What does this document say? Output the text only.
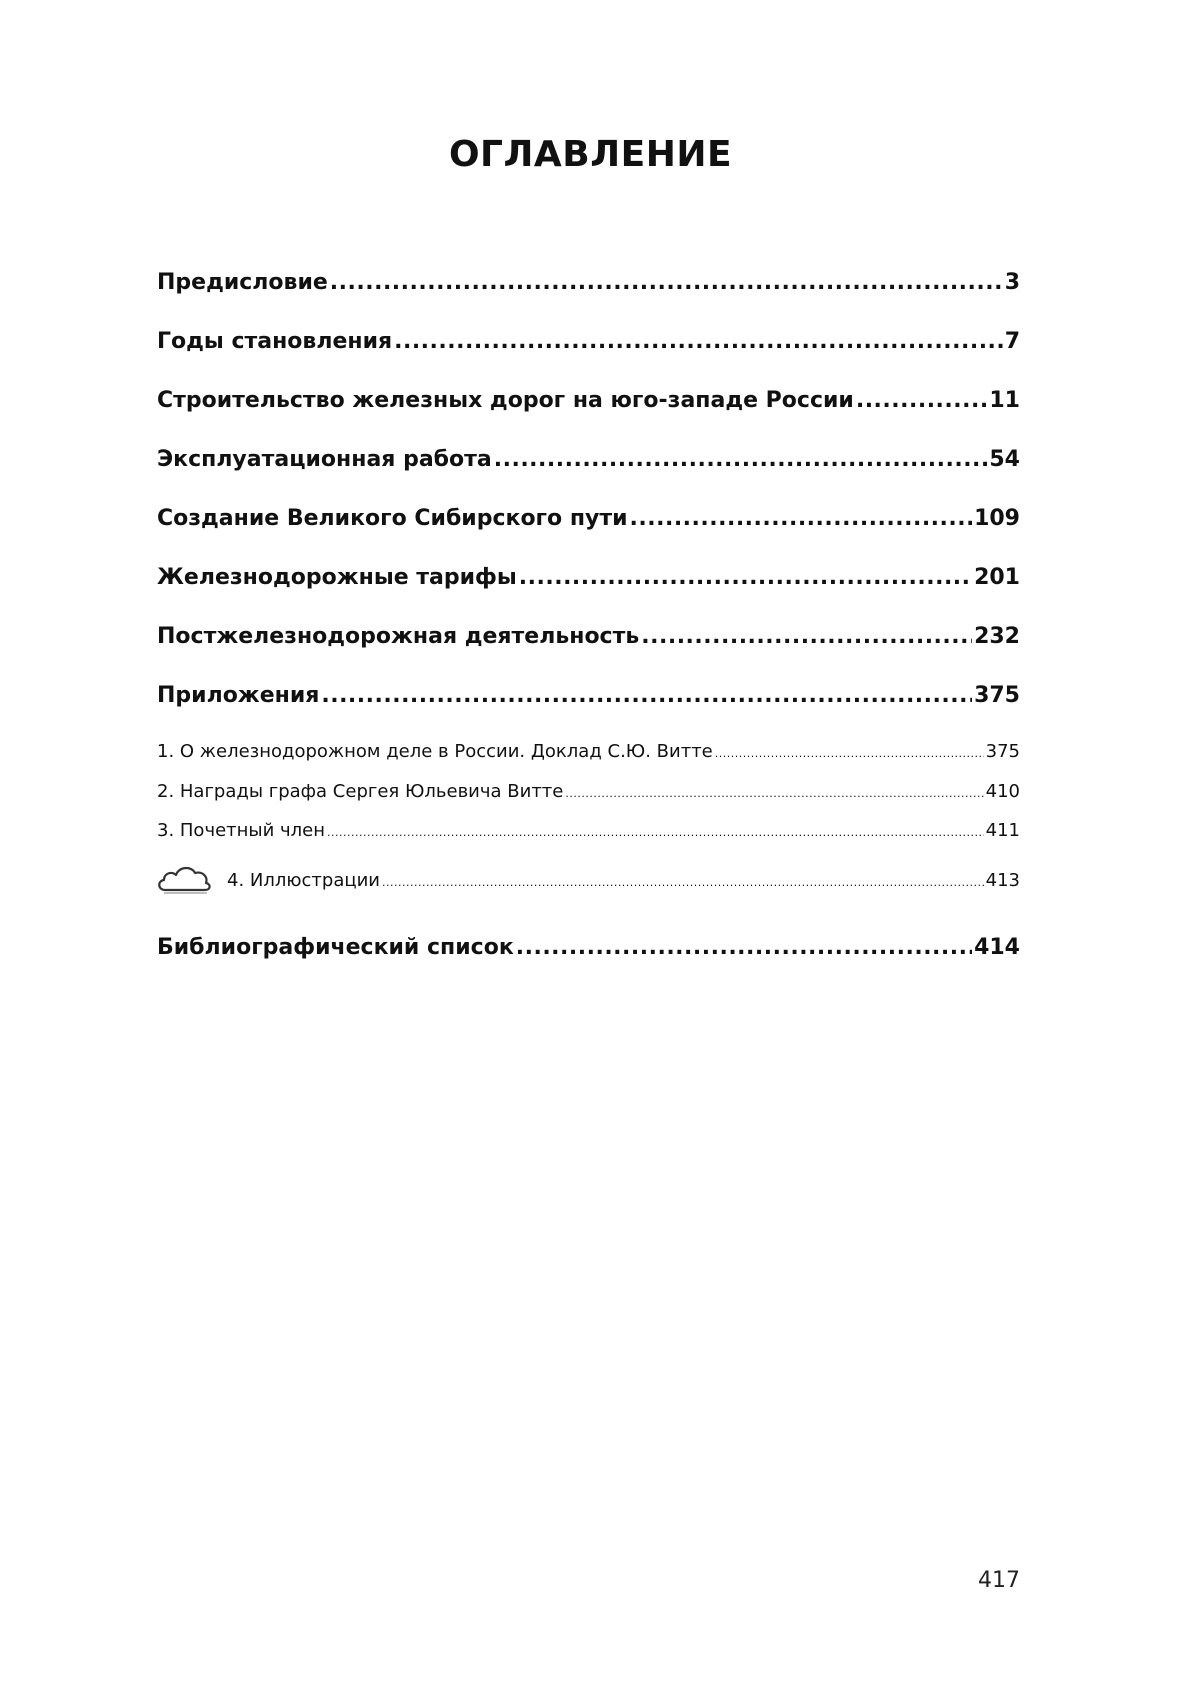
ОГЛАВЛЕНИЕ
Предисловие .....	3
Годы становления .....	7
Строительство железных дорог на юго-западе России .....	11
Эксплуатационная работа .....	54
Создание Великого Сибирского пути .....	109
Железнодорожные тарифы .....	201
Постжелезнодорожная деятельность .....	232
Приложения .....	375
1. О железнодорожном деле в России. Доклад С.Ю. Витте .....	375
2. Награды графа Сергея Юльевича Витте .....	410
3. Почетный член .....	411
4. Иллюстрации .....	413
Библиографический список .....	414
417
